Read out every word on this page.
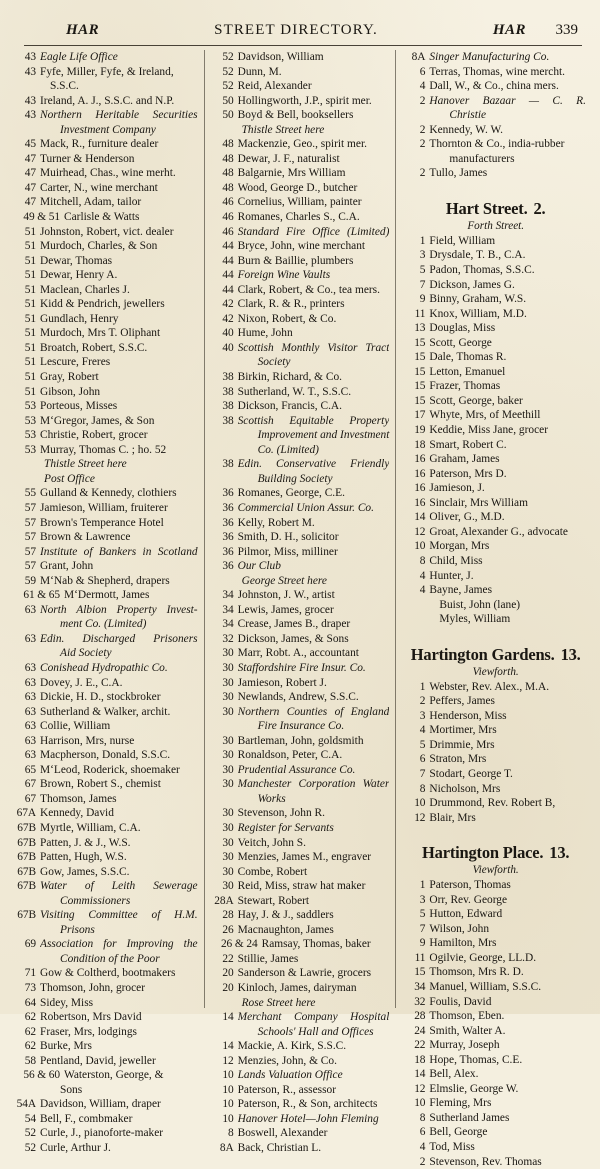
HAR	STREET DIRECTORY.	HAR	339
43 Eagle Life Office
43 Fyfe, Miller, Fyfe, & Ireland,
S.S.C.
43 Ireland, A. J., S.S.C. and N.P.
43 Northern Heritable Securities
Investment Company
45 Mack, R., furniture dealer
47 Turner & Henderson
47 Muirhead, Chas., wine merht.
47 Carter, N., wine merchant
47 Mitchell, Adam, tailor
49 & 51 Carlisle & Watts
51 Johnston, Robert, vict. dealer
51 Murdoch, Charles, & Son
51 Dewar, Thomas
51 Dewar, Henry A.
51 Maclean, Charles J.
51 Kidd & Pendrich, jewellers
51 Gundlach, Henry
51 Murdoch, Mrs T. Oliphant
51 Broatch, Robert, S.S.C.
51 Lescure, Freres
51 Gray, Robert
51 Gibson, John
53 Porteous, Misses
53 M‘Gregor, James, & Son
53 Christie, Robert, grocer
53 Murray, Thomas C. ; ho. 52
Thistle Street here
Post Office
55 Gulland & Kennedy, clothiers
57 Jamieson, William, fruiterer
57 Brown's Temperance Hotel
57 Brown & Lawrence
57 Institute of Bankers in Scotland
57 Grant, John
59 M‘Nab & Shepherd, drapers
61 & 65 M‘Dermott, James
63 North Albion Property Invest-
ment Co. (Limited)
63 Edin. Discharged Prisoners
Aid Society
63 Conishead Hydropathic Co.
63 Dovey, J. E., C.A.
63 Dickie, H. D., stockbroker
63 Sutherland & Walker, archit.
63 Collie, William
63 Harrison, Mrs, nurse
63 Macpherson, Donald, S.S.C.
65 M‘Leod, Roderick, shoemaker
67 Brown, Robert S., chemist
67 Thomson, James
67A Kennedy, David
67B Myrtle, William, C.A.
67B Patten, J. & J., W.S.
67B Patten, Hugh, W.S.
67B Gow, James, S.S.C.
67B Water of Leith Sewerage
Commissioners
67B Visiting Committee of H.M.
Prisons
69 Association for Improving the
Condition of the Poor
71 Gow & Coltherd, bootmakers
73 Thomson, John, grocer
64 Sidey, Miss
62 Robertson, Mrs David
62 Fraser, Mrs, lodgings
62 Burke, Mrs
58 Pentland, David, jeweller
56 & 60 Waterston, George, &
Sons
54A Davidson, William, draper
54 Bell, F., combmaker
52 Curle, J., pianoforte-maker
52 Curle, Arthur J.
52 Davidson, William
52 Dunn, M.
52 Reid, Alexander
50 Hollingworth, J.P., spirit mer.
50 Boyd & Bell, booksellers
Thistle Street here
48 Mackenzie, Geo., spirit mer.
48 Dewar, J. F., naturalist
48 Balgarnie, Mrs William
48 Wood, George D., butcher
46 Cornelius, William, painter
46 Romanes, Charles S., C.A.
46 Standard Fire Office (Limited)
44 Bryce, John, wine merchant
44 Burn & Baillie, plumbers
44 Foreign Wine Vaults
44 Clark, Robert, & Co., tea mers.
42 Clark, R. & R., printers
42 Nixon, Robert, & Co.
40 Hume, John
40 Scottish Monthly Visitor Tract
Society
38 Birkin, Richard, & Co.
38 Sutherland, W. T., S.S.C.
38 Dickson, Francis, C.A.
38 Scottish Equitable Property
Improvement and Investment
Co. (Limited)
38 Edin. Conservative Friendly
Building Society
36 Romanes, George, C.E.
36 Commercial Union Assur. Co.
36 Kelly, Robert M.
36 Smith, D. H., solicitor
36 Pilmor, Miss, milliner
36 Our Club
George Street here
34 Johnston, J. W., artist
34 Lewis, James, grocer
34 Crease, James B., draper
32 Dickson, James, & Sons
30 Marr, Robt. A., accountant
30 Staffordshire Fire Insur. Co.
30 Jamieson, Robert J.
30 Newlands, Andrew, S.S.C.
30 Northern Counties of England
Fire Insurance Co.
30 Bartleman, John, goldsmith
30 Ronaldson, Peter, C.A.
30 Prudential Assurance Co.
30 Manchester Corporation Water
Works
30 Stevenson, John R.
30 Register for Servants
30 Veitch, John S.
30 Menzies, James M., engraver
30 Combe, Robert
30 Reid, Miss, straw hat maker
28A Stewart, Robert
28 Hay, J. & J., saddlers
26 Macnaughton, James
26 & 24 Ramsay, Thomas, baker
22 Stillie, James
20 Sanderson & Lawrie, grocers
20 Kinloch, James, dairyman
Rose Street here
14 Merchant Company Hospital
Schools' Hall and Offices
14 Mackie, A. Kirk, S.S.C.
12 Menzies, John, & Co.
10 Lands Valuation Office
10 Paterson, R., assessor
10 Paterson, R., & Son, architects
10 Hanover Hotel—John Fleming
8 Boswell, Alexander
8A Back, Christian L.
8A Singer Manufacturing Co.
6 Terras, Thomas, wine mercht.
4 Dall, W., & Co., china mers.
2 Hanover Bazaar — C. R.
Christie
2 Kennedy, W. W.
2 Thornton & Co., india-rubber
manufacturers
2 Tullo, James
Hart Street. 2.
Forth Street.
1 Field, William
3 Drysdale, T. B., C.A.
5 Padon, Thomas, S.S.C.
7 Dickson, James G.
9 Binny, Graham, W.S.
11 Knox, William, M.D.
13 Douglas, Miss
15 Scott, George
15 Dale, Thomas R.
15 Letton, Emanuel
15 Frazer, Thomas
15 Scott, George, baker
17 Whyte, Mrs, of Meethill
19 Keddie, Miss Jane, grocer
18 Smart, Robert C.
16 Graham, James
16 Paterson, Mrs D.
16 Jamieson, J.
16 Sinclair, Mrs William
14 Oliver, G., M.D.
12 Groat, Alexander G., advocate
10 Morgan, Mrs
8 Child, Miss
4 Hunter, J.
4 Bayne, James
Buist, John (lane)
Myles, William
Hartington Gardens. 13.
Viewforth.
1 Webster, Rev. Alex., M.A.
2 Peffers, James
3 Henderson, Miss
4 Mortimer, Mrs
5 Drimmie, Mrs
6 Straton, Mrs
7 Stodart, George T.
8 Nicholson, Mrs
10 Drummond, Rev. Robert B,
12 Blair, Mrs
Hartington Place. 13.
Viewforth.
1 Paterson, Thomas
3 Orr, Rev. George
5 Hutton, Edward
7 Wilson, John
9 Hamilton, Mrs
11 Ogilvie, George, LL.D.
15 Thomson, Mrs R. D.
34 Manuel, William, S.S.C.
32 Foulis, David
28 Thomson, Eben.
24 Smith, Walter A.
22 Murray, Joseph
18 Hope, Thomas, C.E.
14 Bell, Alex.
12 Elmslie, George W.
10 Fleming, Mrs
8 Sutherland James
6 Bell, George
4 Tod, Miss
2 Stevenson, Rev. Thomas
